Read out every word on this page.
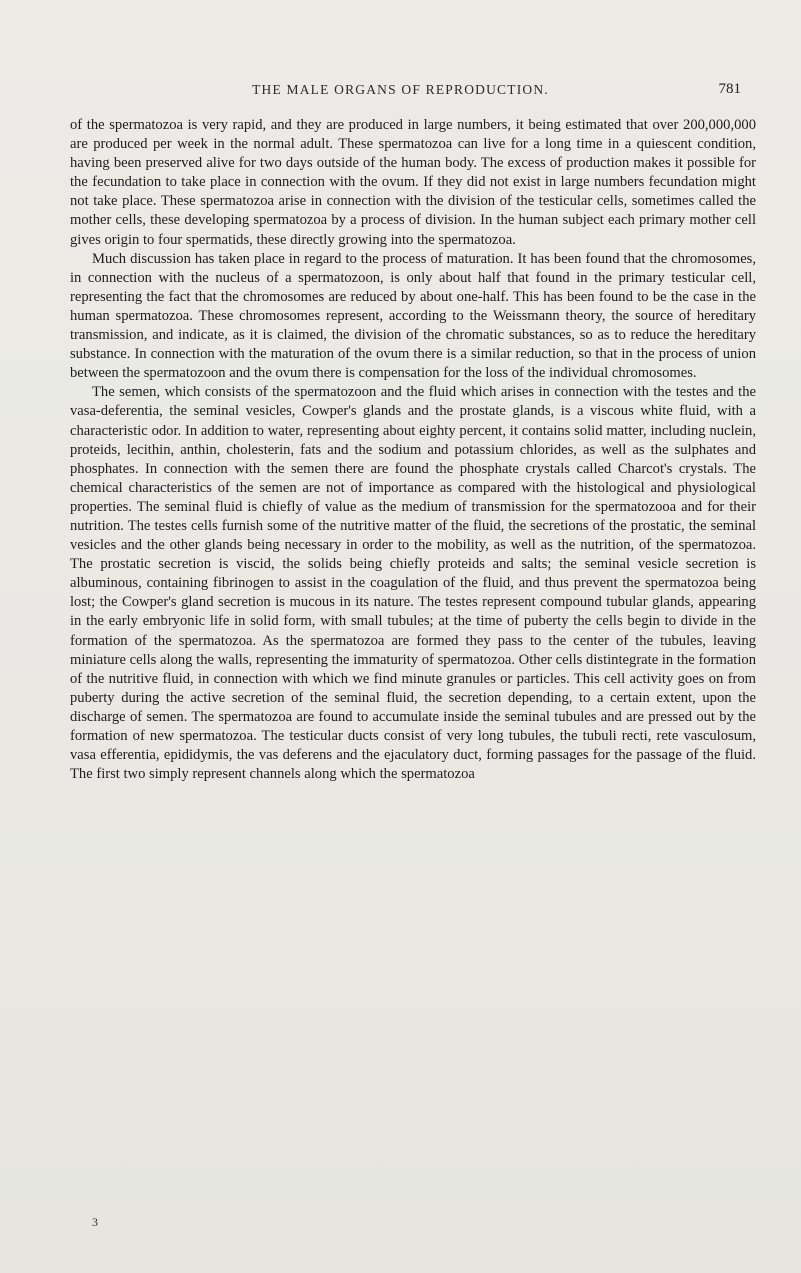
THE MALE ORGANS OF REPRODUCTION.	781

of the spermatozoa is very rapid, and they are produced in large numbers, it being estimated that over 200,000,000 are produced per week in the normal adult. These spermatozoa can live for a long time in a quiescent condition, having been preserved alive for two days outside of the human body. The excess of production makes it possible for the fecundation to take place in connection with the ovum. If they did not exist in large numbers fecundation might not take place. These spermatozoa arise in connection with the division of the testicular cells, sometimes called the mother cells, these developing spermatozoa by a process of division. In the human subject each primary mother cell gives origin to four spermatids, these directly growing into the spermatozoa.

Much discussion has taken place in regard to the process of maturation. It has been found that the chromosomes, in connection with the nucleus of a spermatozoon, is only about half that found in the primary testicular cell, representing the fact that the chromosomes are reduced by about one-half. This has been found to be the case in the human spermatozoa. These chromosomes represent, according to the Weissmann theory, the source of hereditary transmission, and indicate, as it is claimed, the division of the chromatic substances, so as to reduce the hereditary substance. In connection with the maturation of the ovum there is a similar reduction, so that in the process of union between the spermatozoon and the ovum there is compensation for the loss of the individual chromosomes.

The semen, which consists of the spermatozoon and the fluid which arises in connection with the testes and the vasa-deferentia, the seminal vesicles, Cowper's glands and the prostate glands, is a viscous white fluid, with a characteristic odor. In addition to water, representing about eighty percent, it contains solid matter, including nuclein, proteids, lecithin, anthin, cholesterin, fats and the sodium and potassium chlorides, as well as the sulphates and phosphates. In connection with the semen there are found the phosphate crystals called Charcot's crystals. The chemical characteristics of the semen are not of importance as compared with the histological and physiological properties. The seminal fluid is chiefly of value as the medium of transmission for the spermatozooa and for their nutrition. The testes cells furnish some of the nutritive matter of the fluid, the secretions of the prostatic, the seminal vesicles and the other glands being necessary in order to the mobility, as well as the nutrition, of the spermatozoa. The prostatic secretion is viscid, the solids being chiefly proteids and salts; the seminal vesicle secretion is albuminous, containing fibrinogen to assist in the coagulation of the fluid, and thus prevent the spermatozoa being lost; the Cowper's gland secretion is mucous in its nature. The testes represent compound tubular glands, appearing in the early embryonic life in solid form, with small tubules; at the time of puberty the cells begin to divide in the formation of the spermatozoa. As the spermatozoa are formed they pass to the center of the tubules, leaving miniature cells along the walls, representing the immaturity of spermatozoa. Other cells distintegrate in the formation of the nutritive fluid, in connection with which we find minute granules or particles. This cell activity goes on from puberty during the active secretion of the seminal fluid, the secretion depending, to a certain extent, upon the discharge of semen. The spermatozoa are found to accumulate inside the seminal tubules and are pressed out by the formation of new spermatozoa. The testicular ducts consist of very long tubules, the tubuli recti, rete vasculosum, vasa efferentia, epididymis, the vas deferens and the ejaculatory duct, forming passages for the passage of the fluid. The first two simply represent channels along which the spermatozoa

3
